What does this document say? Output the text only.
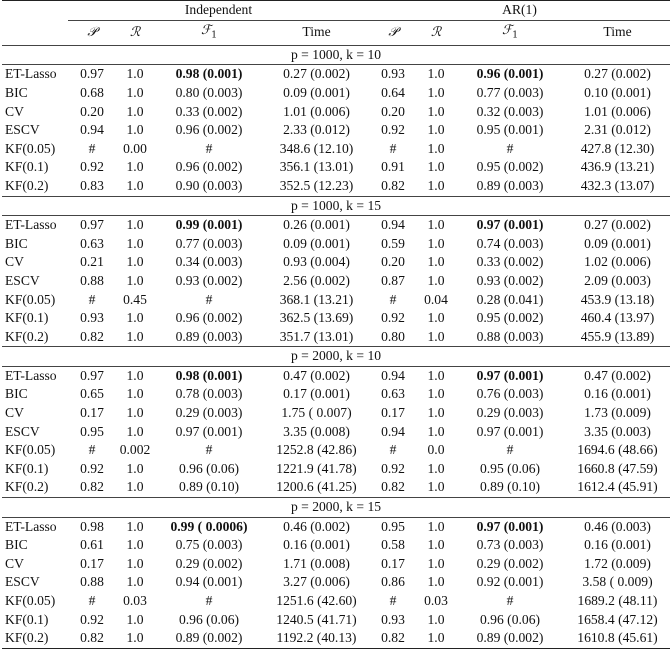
	Independent				AR(1)			
	𝒫	ℛ	ℱ$_1$	Time	𝒫	ℛ	ℱ$_1$	Time
p = 1000, k = 10								
ET-Lasso	0.97	1.0	0.98 (0.001)	0.27 (0.002)	0.93	1.0	0.96 (0.001)	0.27 (0.002)
BIC	0.68	1.0	0.80 (0.003)	0.09 (0.001)	0.64	1.0	0.77 (0.003)	0.10 (0.001)
CV	0.20	1.0	0.33 (0.002)	1.01 (0.006)	0.20	1.0	0.32 (0.003)	1.01 (0.006)
ESCV	0.94	1.0	0.96 (0.002)	2.33 (0.012)	0.92	1.0	0.95 (0.001)	2.31 (0.012)
KF(0.05)	#	0.00	#	348.6 (12.10)	#	1.0	#	427.8 (12.30)
KF(0.1)	0.92	1.0	0.96 (0.002)	356.1 (13.01)	0.91	1.0	0.95 (0.002)	436.9 (13.21)
KF(0.2)	0.83	1.0	0.90 (0.003)	352.5 (12.23)	0.82	1.0	0.89 (0.003)	432.3 (13.07)
p = 1000, k = 15								
ET-Lasso	0.97	1.0	0.99 (0.001)	0.26 (0.001)	0.94	1.0	0.97 (0.001)	0.27 (0.002)
BIC	0.63	1.0	0.77 (0.003)	0.09 (0.001)	0.59	1.0	0.74 (0.003)	0.09 (0.001)
CV	0.21	1.0	0.34 (0.003)	0.93 (0.004)	0.20	1.0	0.33 (0.002)	1.02 (0.006)
ESCV	0.88	1.0	0.93 (0.002)	2.56 (0.002)	0.87	1.0	0.93 (0.002)	2.09 (0.003)
KF(0.05)	#	0.45	#	368.1 (13.21)	#	0.04	0.28 (0.041)	453.9 (13.18)
KF(0.1)	0.93	1.0	0.96 (0.002)	362.5 (13.69)	0.92	1.0	0.95 (0.002)	460.4 (13.97)
KF(0.2)	0.82	1.0	0.89 (0.003)	351.7 (13.01)	0.80	1.0	0.88 (0.003)	455.9 (13.89)
p = 2000, k = 10								
ET-Lasso	0.97	1.0	0.98 (0.001)	0.47 (0.002)	0.94	1.0	0.97 (0.001)	0.47 (0.002)
BIC	0.65	1.0	0.78 (0.003)	0.17 (0.001)	0.63	1.0	0.76 (0.003)	0.16 (0.001)
CV	0.17	1.0	0.29 (0.003)	1.75 ( 0.007)	0.17	1.0	0.29 (0.003)	1.73 (0.009)
ESCV	0.95	1.0	0.97 (0.001)	3.35 (0.008)	0.94	1.0	0.97 (0.001)	3.35 (0.003)
KF(0.05)	#	0.002	#	1252.8 (42.86)	#	0.0	#	1694.6 (48.66)
KF(0.1)	0.92	1.0	0.96 (0.06)	1221.9 (41.78)	0.92	1.0	0.95 (0.06)	1660.8 (47.59)
KF(0.2)	0.82	1.0	0.89 (0.10)	1200.6 (41.25)	0.82	1.0	0.89 (0.10)	1612.4 (45.91)
p = 2000, k = 15								
ET-Lasso	0.98	1.0	0.99 ( 0.0006)	0.46 (0.002)	0.95	1.0	0.97 (0.001)	0.46 (0.003)
BIC	0.61	1.0	0.75 (0.003)	0.16 (0.001)	0.58	1.0	0.73 (0.003)	0.16 (0.001)
CV	0.17	1.0	0.29 (0.002)	1.71 (0.008)	0.17	1.0	0.29 (0.002)	1.72 (0.009)
ESCV	0.88	1.0	0.94 (0.001)	3.27 (0.006)	0.86	1.0	0.92 (0.001)	3.58 ( 0.009)
KF(0.05)	#	0.03	#	1251.6 (42.60)	#	0.03	#	1689.2 (48.11)
KF(0.1)	0.92	1.0	0.96 (0.06)	1240.5 (41.71)	0.93	1.0	0.96 (0.06)	1658.4 (47.12)
KF(0.2)	0.82	1.0	0.89 (0.002)	1192.2 (40.13)	0.82	1.0	0.89 (0.002)	1610.8 (45.61)
